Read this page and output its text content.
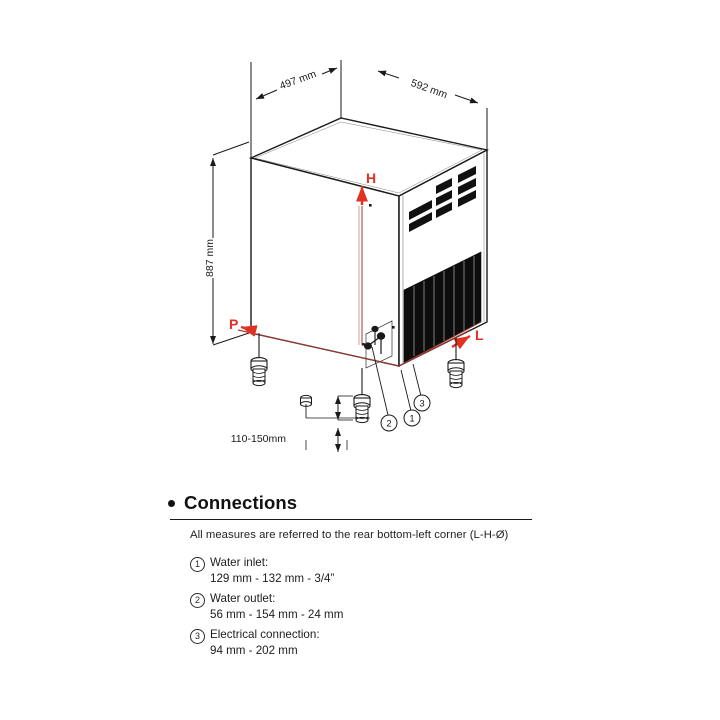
497 mm	592 mm
887 mm
H
P
L
110-150mm
1
2
3
Connections
All measures are referred to the rear bottom-left corner (L-H-Ø)
1 Water inlet:
129 mm - 132 mm - 3/4”
2 Water outlet:
56 mm - 154 mm - 24 mm
3 Electrical connection:
94 mm - 202 mm
